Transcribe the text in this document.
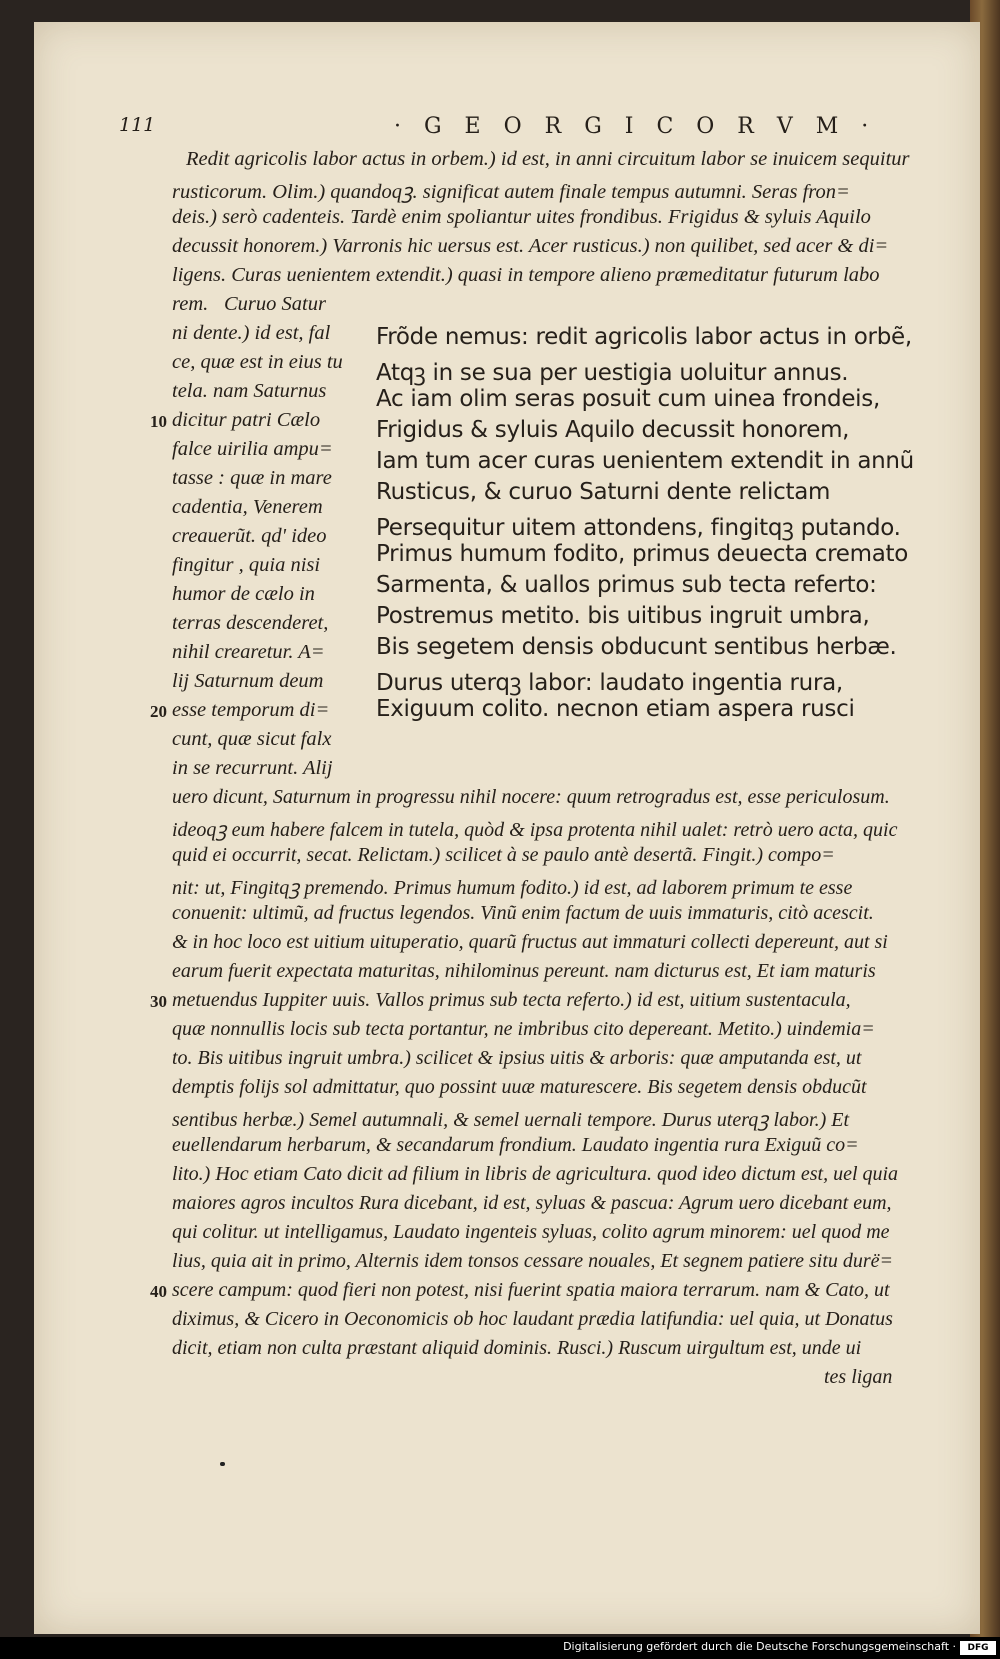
111	· G E O R G I C O R V M ·
Redit agricolis labor actus in orbem.) id est, in anni circuitum labor se inuicem sequitur
rusticorum. Olim.) quandoqꝫ. significat autem finale tempus autumni. Seras fron=
deis.) serò cadenteis. Tardè enim spoliantur uites frondibus. Frigidus & syluis Aquilo
decussit honorem.) Varronis hic uersus est. Acer rusticus.) non quilibet, sed acer & di=
ligens. Curas uenientem extendit.) quasi in tempore alieno præmeditatur futurum labo
rem. Curuo Satur
ni dente.) id est, fal
ce, quæ est in eius tu
tela. nam Saturnus
dicitur patri Cælo
falce uirilia ampu=
tasse : quæ in mare
cadentia, Venerem
creauerũt. qd' ideo
fingitur , quia nisi
humor de cælo in
terras descenderet,
nihil crearetur. A=
lij Saturnum deum
esse temporum di=
cunt, quæ sicut falx
in se recurrunt. Alij
10
20
30
40
Frõde nemus: redit agricolis labor actus in orbẽ,
Atqꝫ in se sua per uestigia uoluitur annus.
Ac iam olim seras posuit cum uinea frondeis,
Frigidus & syluis Aquilo decussit honorem,
Iam tum acer curas uenientem extendit in annũ
Rusticus, & curuo Saturni dente relictam
Persequitur uitem attondens, fingitqꝫ putando.
Primus humum fodito, primus deuecta cremato
Sarmenta, & uallos primus sub tecta referto:
Postremus metito. bis uitibus ingruit umbra,
Bis segetem densis obducunt sentibus herbæ.
Durus uterqꝫ labor: laudato ingentia rura,
Exiguum colito. necnon etiam aspera rusci
uero dicunt, Saturnum in progressu nihil nocere: quum retrogradus est, esse periculosum.
ideoqꝫ eum habere falcem in tutela, quòd & ipsa protenta nihil ualet: retrò uero acta, quic
quid ei occurrit, secat. Relictam.) scilicet à se paulo antè desertã. Fingit.) compo=
nit: ut, Fingitqꝫ premendo. Primus humum fodito.) id est, ad laborem primum te esse
conuenit: ultimũ, ad fructus legendos. Vinũ enim factum de uuis immaturis, citò acescit.
& in hoc loco est uitium uituperatio, quarũ fructus aut immaturi collecti depereunt, aut si
earum fuerit expectata maturitas, nihilominus pereunt. nam dicturus est, Et iam maturis
metuendus Iuppiter uuis. Vallos primus sub tecta referto.) id est, uitium sustentacula,
quæ nonnullis locis sub tecta portantur, ne imbribus cito depereant. Metito.) uindemia=
to. Bis uitibus ingruit umbra.) scilicet & ipsius uitis & arboris: quæ amputanda est, ut
demptis folijs sol admittatur, quo possint uuæ maturescere. Bis segetem densis obducũt
sentibus herbæ.) Semel autumnali, & semel uernali tempore. Durus uterqꝫ labor.) Et
euellendarum herbarum, & secandarum frondium. Laudato ingentia rura Exiguũ co=
lito.) Hoc etiam Cato dicit ad filium in libris de agricultura. quod ideo dictum est, uel quia
maiores agros incultos Rura dicebant, id est, syluas & pascua: Agrum uero dicebant eum,
qui colitur. ut intelligamus, Laudato ingenteis syluas, colito agrum minorem: uel quod me
lius, quia ait in primo, Alternis idem tonsos cessare nouales, Et segnem patiere situ durë=
scere campum: quod fieri non potest, nisi fuerint spatia maiora terrarum. nam & Cato, ut
diximus, & Cicero in Oeconomicis ob hoc laudant prædia latifundia: uel quia, ut Donatus
dicit, etiam non culta præstant aliquid dominis. Rusci.) Ruscum uirgultum est, unde ui
tes ligan
Digitalisierung gefördert durch die Deutsche Forschungsgemeinschaft ·	DFG
